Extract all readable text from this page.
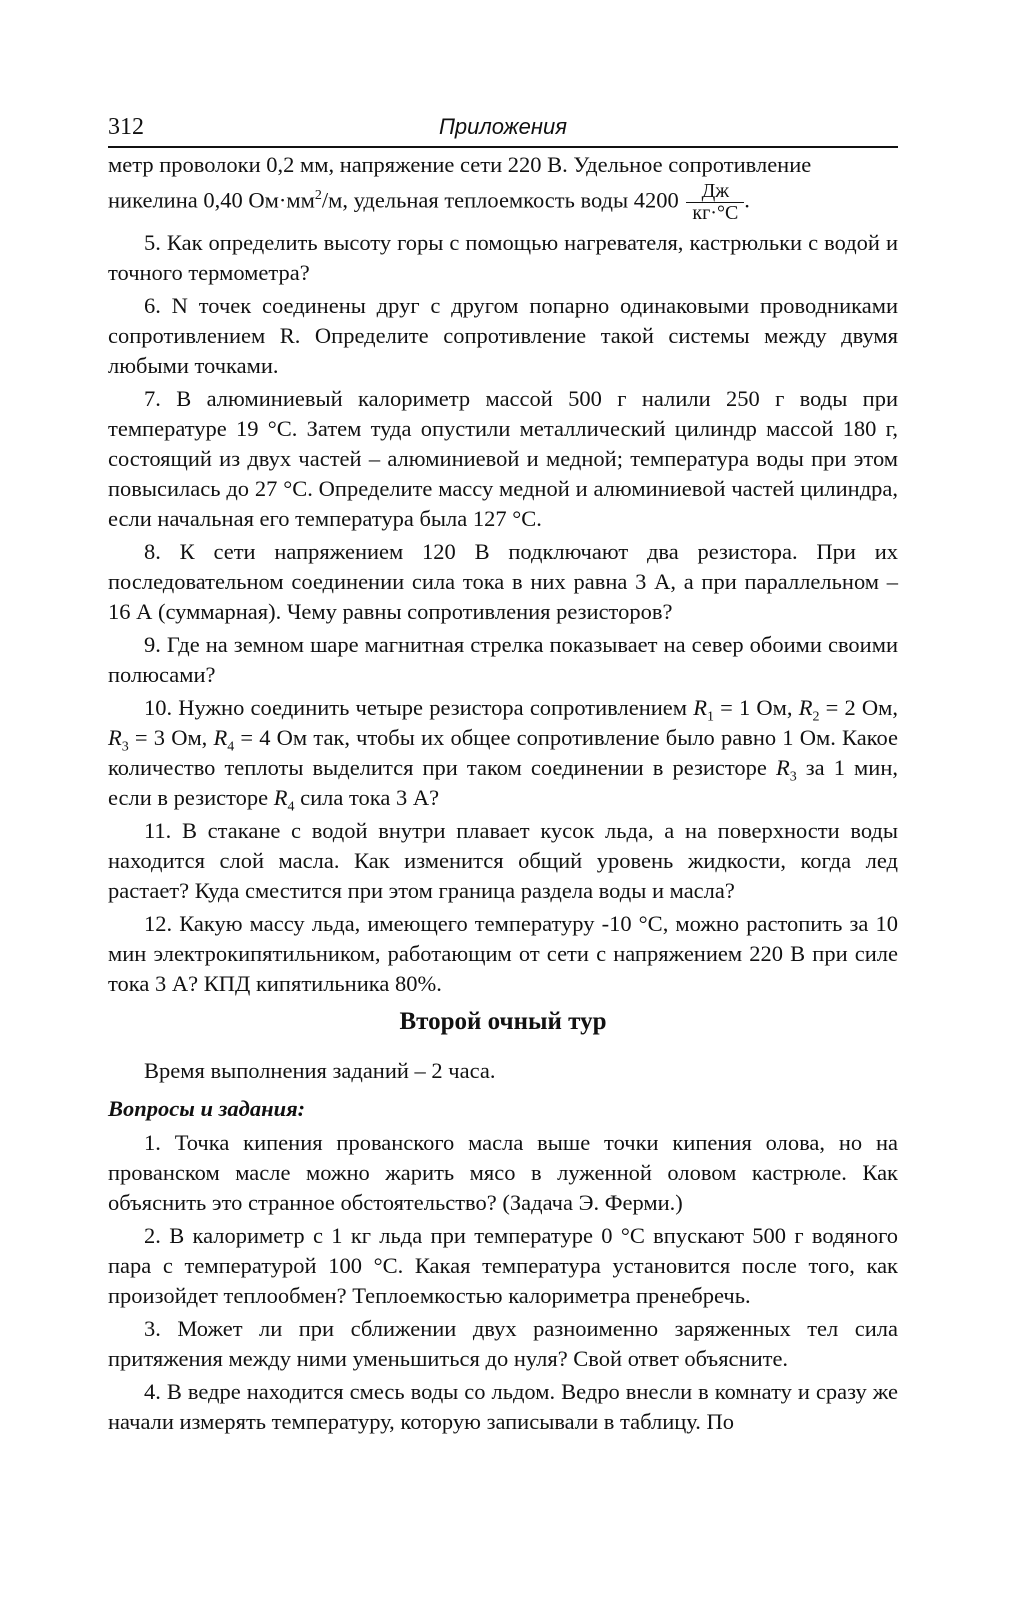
312	Приложения

метр проволоки 0,2 мм, напряжение сети 220 В. Удельное сопротивление

никелина 0,40 $Ом\cdot мм^2/м$, удельная теплоемкость воды $4200 \frac{Дж}{кг\cdot^\circ С}$ .

5. Как определить высоту горы с помощью нагревателя, кастрюльки с водой и точного термометра?

6. N точек соединены друг с другом попарно одинаковыми проводниками сопротивлением R. Определите сопротивление такой системы между двумя любыми точками.

7. В алюминиевый калориметр массой 500 г налили 250 г воды при температуре 19 °С. Затем туда опустили металлический цилиндр массой 180 г, состоящий из двух частей – алюминиевой и медной; температура воды при этом повысилась до 27 °С. Определите массу медной и алюминиевой частей цилиндра, если начальная его температура была 127 °С.

8. К сети напряжением 120 В подключают два резистора. При их последовательном соединении сила тока в них равна 3 А, а при параллельном – 16 А (суммарная). Чему равны сопротивления резисторов?

9. Где на земном шаре магнитная стрелка показывает на север обоими своими полюсами?

10. Нужно соединить четыре резистора сопротивлением $R_1 = 1$ Ом, $R_2 = 2$ Ом, $R_3 = 3$ Ом, $R_4 = 4$ Ом так, чтобы их общее сопротивление было равно 1 Ом. Какое количество теплоты выделится при таком соединении в резисторе $R_3$ за 1 мин, если в резисторе $R_4$ сила тока 3 А?

11. В стакане с водой внутри плавает кусок льда, а на поверхности воды находится слой масла. Как изменится общий уровень жидкости, когда лед растает? Куда сместится при этом граница раздела воды и масла?

12. Какую массу льда, имеющего температуру -10 °С, можно растопить за 10 мин электрокипятильником, работающим от сети с напряжением 220 В при силе тока 3 А? КПД кипятильника 80%.

Второй очный тур
Время выполнения заданий – 2 часа.
Вопросы и задания:

1. Точка кипения прованского масла выше точки кипения олова, но на прованском масле можно жарить мясо в луженной оловом кастрюле. Как объяснить это странное обстоятельство? (Задача Э. Ферми.)

2. В калориметр с 1 кг льда при температуре 0 °С впускают 500 г водяного пара с температурой 100 °С. Какая температура установится после того, как произойдет теплообмен? Теплоемкостью калориметра пренебречь.

3. Может ли при сближении двух разноименно заряженных тел сила притяжения между ними уменьшиться до нуля? Свой ответ объясните.

4. В ведре находится смесь воды со льдом. Ведро внесли в комнату и сразу же начали измерять температуру, которую записывали в таблицу. По
